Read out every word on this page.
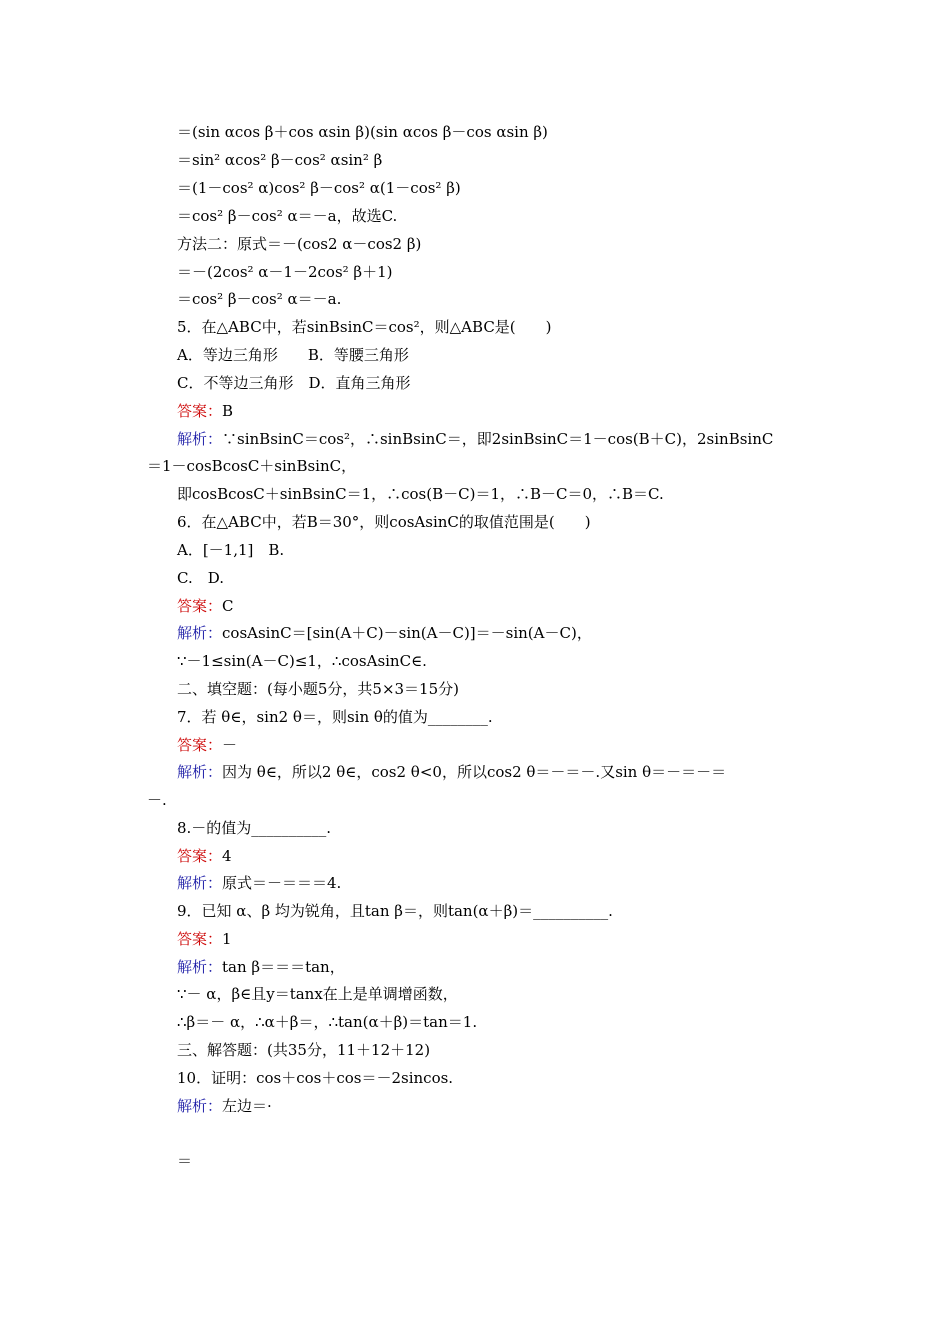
＝(sin αcos β＋cos αsin β)(sin αcos β－cos αsin β)
＝sin² αcos² β－cos² αsin² β
＝(1－cos² α)cos² β－cos² α(1－cos² β)
＝cos² β－cos² α＝－a，故选C.
方法二：原式＝－(cos2 α－cos2 β)
＝－(2cos² α－1－2cos² β＋1)
＝cos² β－cos² α＝－a.
5．在△ABC中，若sinBsinC＝cos²，则△ABC是(　　)
A．等边三角形　　B．等腰三角形
C．不等边三角形　D．直角三角形
答案：B
解析：∵sinBsinC＝cos²，∴sinBsinC＝，即2sinBsinC＝1－cos(B＋C)，2sinBsinC
＝1－cosBcosC＋sinBsinC，
即cosBcosC＋sinBsinC＝1，∴cos(B－C)＝1，∴B－C＝0，∴B＝C.
6．在△ABC中，若B＝30°，则cosAsinC的取值范围是(　　)
A．[－1,1]　B.
C.　D.
答案：C
解析：cosAsinC＝[sin(A＋C)－sin(A－C)]＝－sin(A－C)，
∵－1≤sin(A－C)≤1，∴cosAsinC∈.
二、填空题：(每小题5分，共5×3＝15分)
7．若 θ∈，sin2 θ＝，则sin θ的值为________.
答案：－
解析：因为 θ∈，所以2 θ∈，cos2 θ<0，所以cos2 θ＝－＝－.又sin θ＝－＝－＝
－.
8.－的值为__________.
答案：4
解析：原式＝－＝＝＝4.
9．已知 α、β 均为锐角，且tan β＝，则tan(α＋β)＝__________.
答案：1
解析：tan β＝＝＝tan，
∵－ α，β∈且y＝tanx在上是单调增函数，
∴β＝－ α，∴α＋β＝，∴tan(α＋β)＝tan＝1.
三、解答题：(共35分，11＋12＋12)
10．证明：cos＋cos＋cos＝－2sincos.
解析：左边＝·
＝
